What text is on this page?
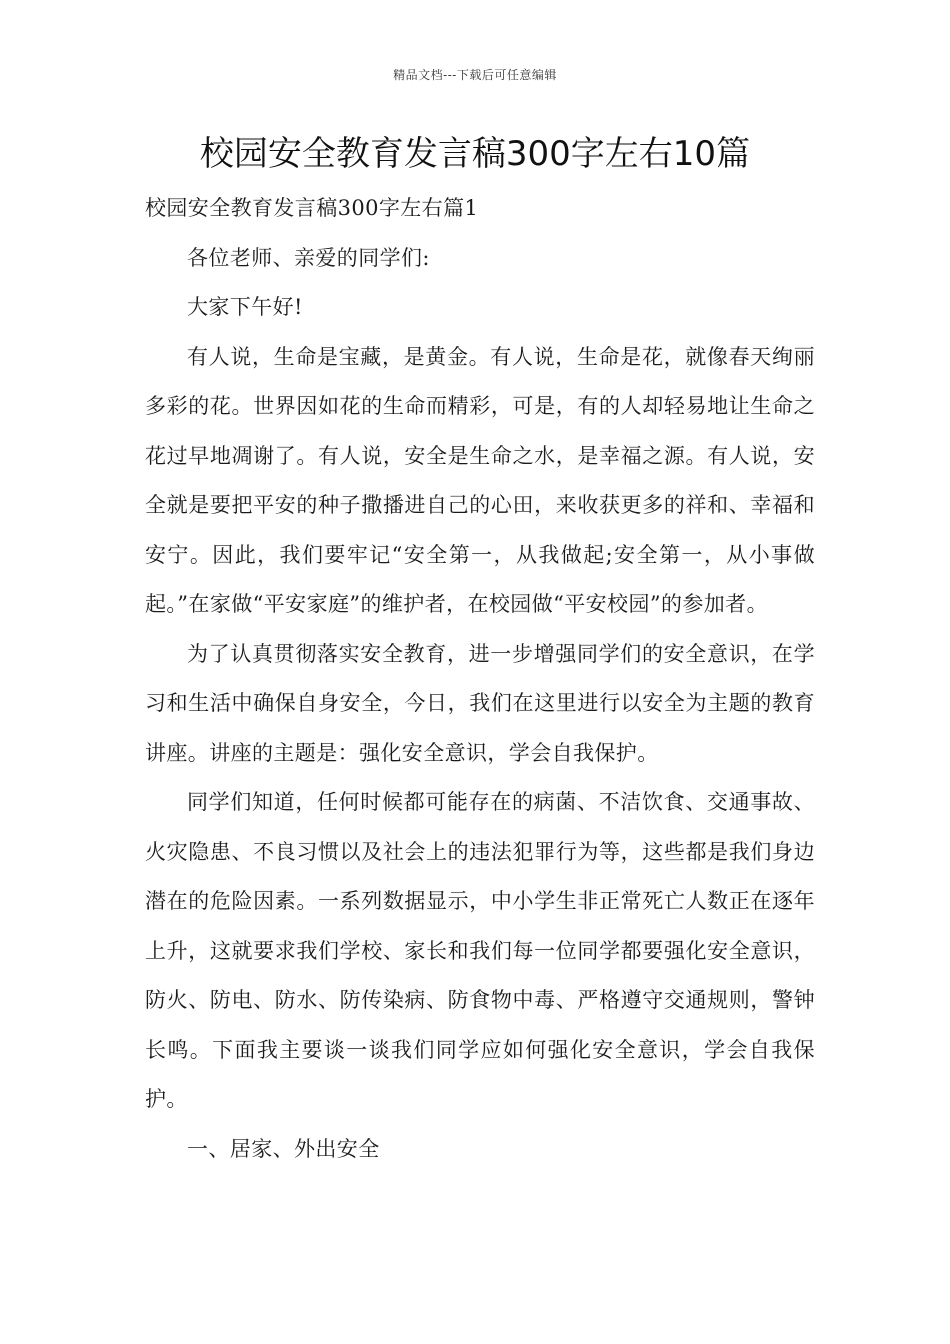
精品文档---下载后可任意编辑
校园安全教育发言稿300字左右10篇

校园安全教育发言稿300字左右篇1

各位老师、亲爱的同学们:

大家下午好!

有人说，生命是宝藏，是黄金。有人说，生命是花，就像春天绚丽多彩的花。世界因如花的生命而精彩，可是，有的人却轻易地让生命之花过早地凋谢了。有人说，安全是生命之水，是幸福之源。有人说，安全就是要把平安的种子撒播进自己的心田，来收获更多的祥和、幸福和安宁。因此，我们要牢记“安全第一，从我做起;安全第一，从小事做起。”在家做“平安家庭”的维护者，在校园做“平安校园”的参加者。

为了认真贯彻落实安全教育，进一步增强同学们的安全意识，在学习和生活中确保自身安全，今日，我们在这里进行以安全为主题的教育讲座。讲座的主题是：强化安全意识，学会自我保护。

同学们知道，任何时候都可能存在的病菌、不洁饮食、交通事故、火灾隐患、不良习惯以及社会上的违法犯罪行为等，这些都是我们身边潜在的危险因素。一系列数据显示，中小学生非正常死亡人数正在逐年上升，这就要求我们学校、家长和我们每一位同学都要强化安全意识，防火、防电、防水、防传染病、防食物中毒、严格遵守交通规则，警钟长鸣。下面我主要谈一谈我们同学应如何强化安全意识，学会自我保护。

一、居家、外出安全
